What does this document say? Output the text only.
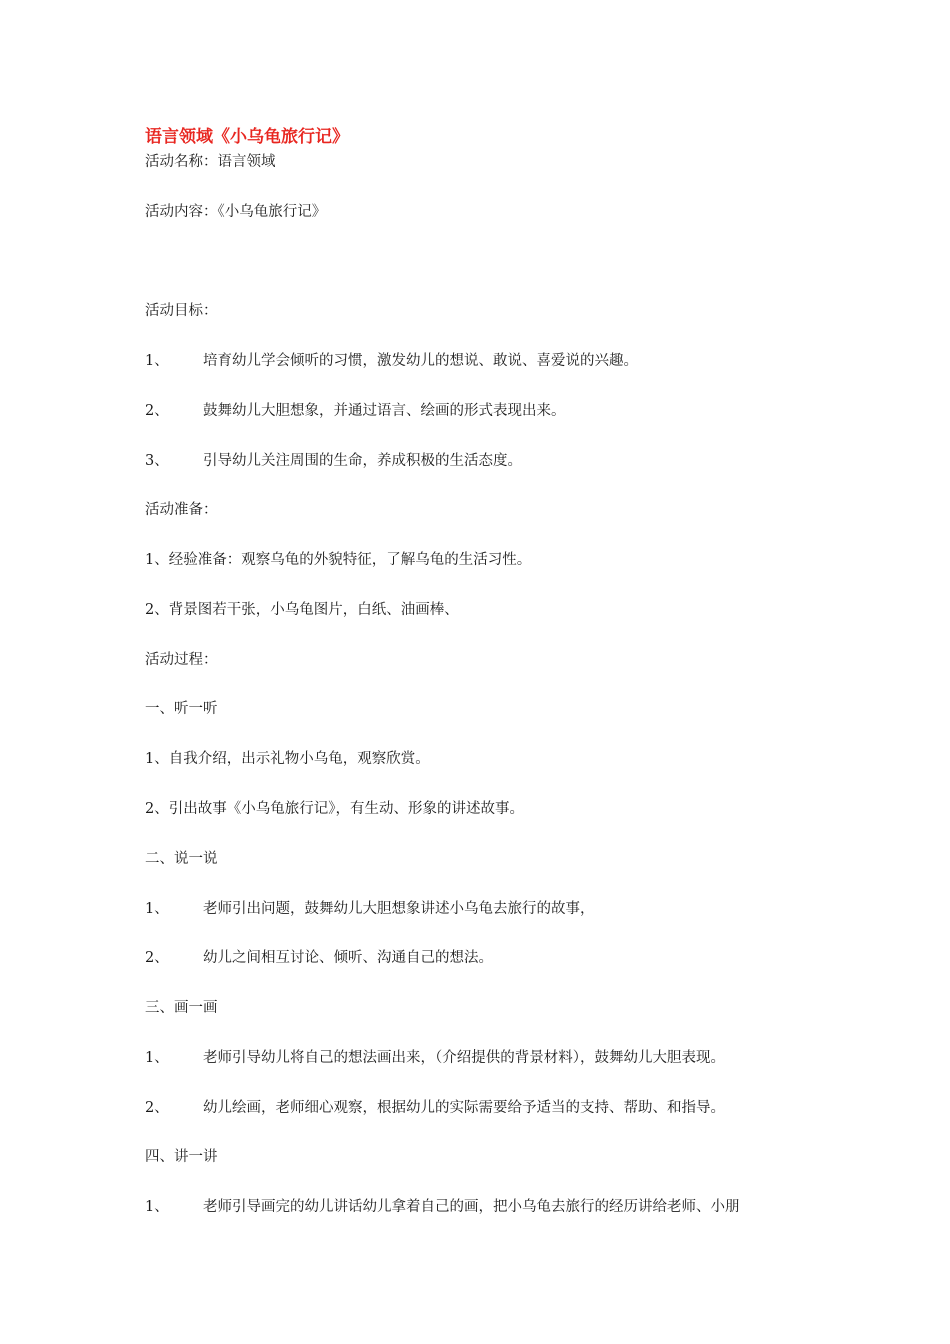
语言领域《小乌龟旅行记》
活动名称：语言领域
活动内容：《小乌龟旅行记》
活动目标：
1、 培育幼儿学会倾听的习惯，激发幼儿的想说、敢说、喜爱说的兴趣。
2、 鼓舞幼儿大胆想象，并通过语言、绘画的形式表现出来。
3、 引导幼儿关注周围的生命，养成积极的生活态度。
活动准备：
1、经验准备：观察乌龟的外貌特征，了解乌龟的生活习性。
2、背景图若干张，小乌龟图片，白纸、油画棒、
活动过程：
一、听一听
1、自我介绍，出示礼物小乌龟，观察欣赏。
2、引出故事《小乌龟旅行记》，有生动、形象的讲述故事。
二、说一说
1、 老师引出问题，鼓舞幼儿大胆想象讲述小乌龟去旅行的故事，
2、 幼儿之间相互讨论、倾听、沟通自己的想法。
三、画一画
1、 老师引导幼儿将自己的想法画出来，（介绍提供的背景材料），鼓舞幼儿大胆表现。
2、 幼儿绘画，老师细心观察，根据幼儿的实际需要给予适当的支持、帮助、和指导。
四、讲一讲
1、 老师引导画完的幼儿讲话幼儿拿着自己的画，把小乌龟去旅行的经历讲给老师、小朋
